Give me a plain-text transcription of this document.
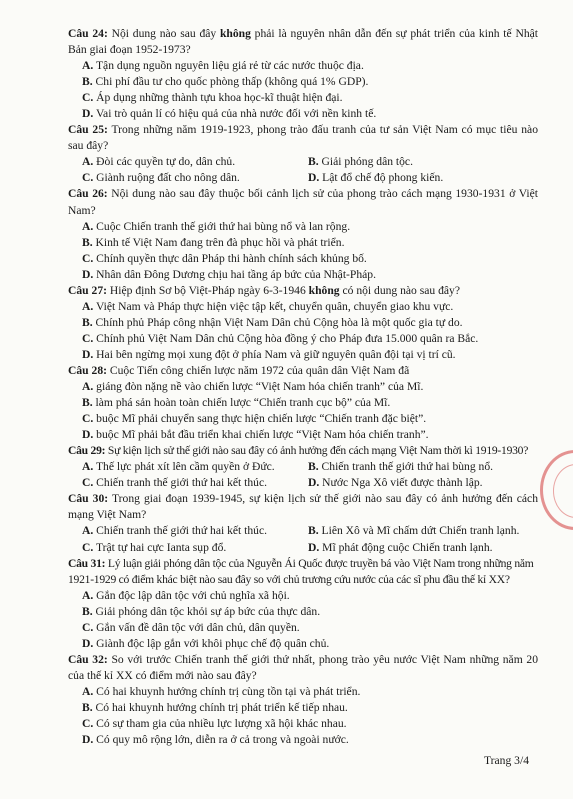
Câu 24: Nội dung nào sau đây không phải là nguyên nhân dẫn đến sự phát triển của kinh tế Nhật Bản giai đoạn 1952-1973?

A. Tận dụng nguồn nguyên liệu giá rẻ từ các nước thuộc địa.
B. Chi phí đầu tư cho quốc phòng thấp (không quá 1% GDP).
C. Áp dụng những thành tựu khoa học-kĩ thuật hiện đại.
D. Vai trò quản lí có hiệu quả của nhà nước đối với nền kinh tế.

Câu 25: Trong những năm 1919-1923, phong trào đấu tranh của tư sản Việt Nam có mục tiêu nào sau đây?

A. Đòi các quyền tự do, dân chủ.	B. Giải phóng dân tộc.
C. Giành ruộng đất cho nông dân.	D. Lật đổ chế độ phong kiến.

Câu 26: Nội dung nào sau đây thuộc bối cảnh lịch sử của phong trào cách mạng 1930-1931 ở Việt Nam?

A. Cuộc Chiến tranh thế giới thứ hai bùng nổ và lan rộng.
B. Kinh tế Việt Nam đang trên đà phục hồi và phát triển.
C. Chính quyền thực dân Pháp thi hành chính sách khủng bố.
D. Nhân dân Đông Dương chịu hai tầng áp bức của Nhật-Pháp.

Câu 27: Hiệp định Sơ bộ Việt-Pháp ngày 6-3-1946 không có nội dung nào sau đây?

A. Việt Nam và Pháp thực hiện việc tập kết, chuyển quân, chuyển giao khu vực.
B. Chính phủ Pháp công nhận Việt Nam Dân chủ Cộng hòa là một quốc gia tự do.
C. Chính phủ Việt Nam Dân chủ Cộng hòa đồng ý cho Pháp đưa 15.000 quân ra Bắc.
D. Hai bên ngừng mọi xung đột ở phía Nam và giữ nguyên quân đội tại vị trí cũ.

Câu 28: Cuộc Tiến công chiến lược năm 1972 của quân dân Việt Nam đã

A. giáng đòn nặng nề vào chiến lược “Việt Nam hóa chiến tranh” của Mĩ.
B. làm phá sản hoàn toàn chiến lược “Chiến tranh cục bộ” của Mĩ.
C. buộc Mĩ phải chuyển sang thực hiện chiến lược “Chiến tranh đặc biệt”.
D. buộc Mĩ phải bắt đầu triển khai chiến lược “Việt Nam hóa chiến tranh”.

Câu 29: Sự kiện lịch sử thế giới nào sau đây có ảnh hưởng đến cách mạng Việt Nam thời kì 1919-1930?

A. Thế lực phát xít lên cầm quyền ở Đức.	B. Chiến tranh thế giới thứ hai bùng nổ.
C. Chiến tranh thế giới thứ hai kết thúc.	D. Nước Nga Xô viết được thành lập.

Câu 30: Trong giai đoạn 1939-1945, sự kiện lịch sử thế giới nào sau đây có ảnh hưởng đến cách mạng Việt Nam?

A. Chiến tranh thế giới thứ hai kết thúc.	B. Liên Xô và Mĩ chấm dứt Chiến tranh lạnh.
C. Trật tự hai cực Ianta sụp đổ.	D. Mĩ phát động cuộc Chiến tranh lạnh.

Câu 31: Lý luận giải phóng dân tộc của Nguyễn Ái Quốc được truyền bá vào Việt Nam trong những năm 1921-1929 có điểm khác biệt nào sau đây so với chủ trương cứu nước của các sĩ phu đầu thế kỉ XX?

A. Gắn độc lập dân tộc với chủ nghĩa xã hội.
B. Giải phóng dân tộc khỏi sự áp bức của thực dân.
C. Gắn vấn đề dân tộc với dân chủ, dân quyền.
D. Giành độc lập gắn với khôi phục chế độ quân chủ.

Câu 32: So với trước Chiến tranh thế giới thứ nhất, phong trào yêu nước Việt Nam những năm 20 của thế kỉ XX có điểm mới nào sau đây?

A. Có hai khuynh hướng chính trị cùng tồn tại và phát triển.
B. Có hai khuynh hướng chính trị phát triển kế tiếp nhau.
C. Có sự tham gia của nhiều lực lượng xã hội khác nhau.
D. Có quy mô rộng lớn, diễn ra ở cả trong và ngoài nước.
Trang 3/4
